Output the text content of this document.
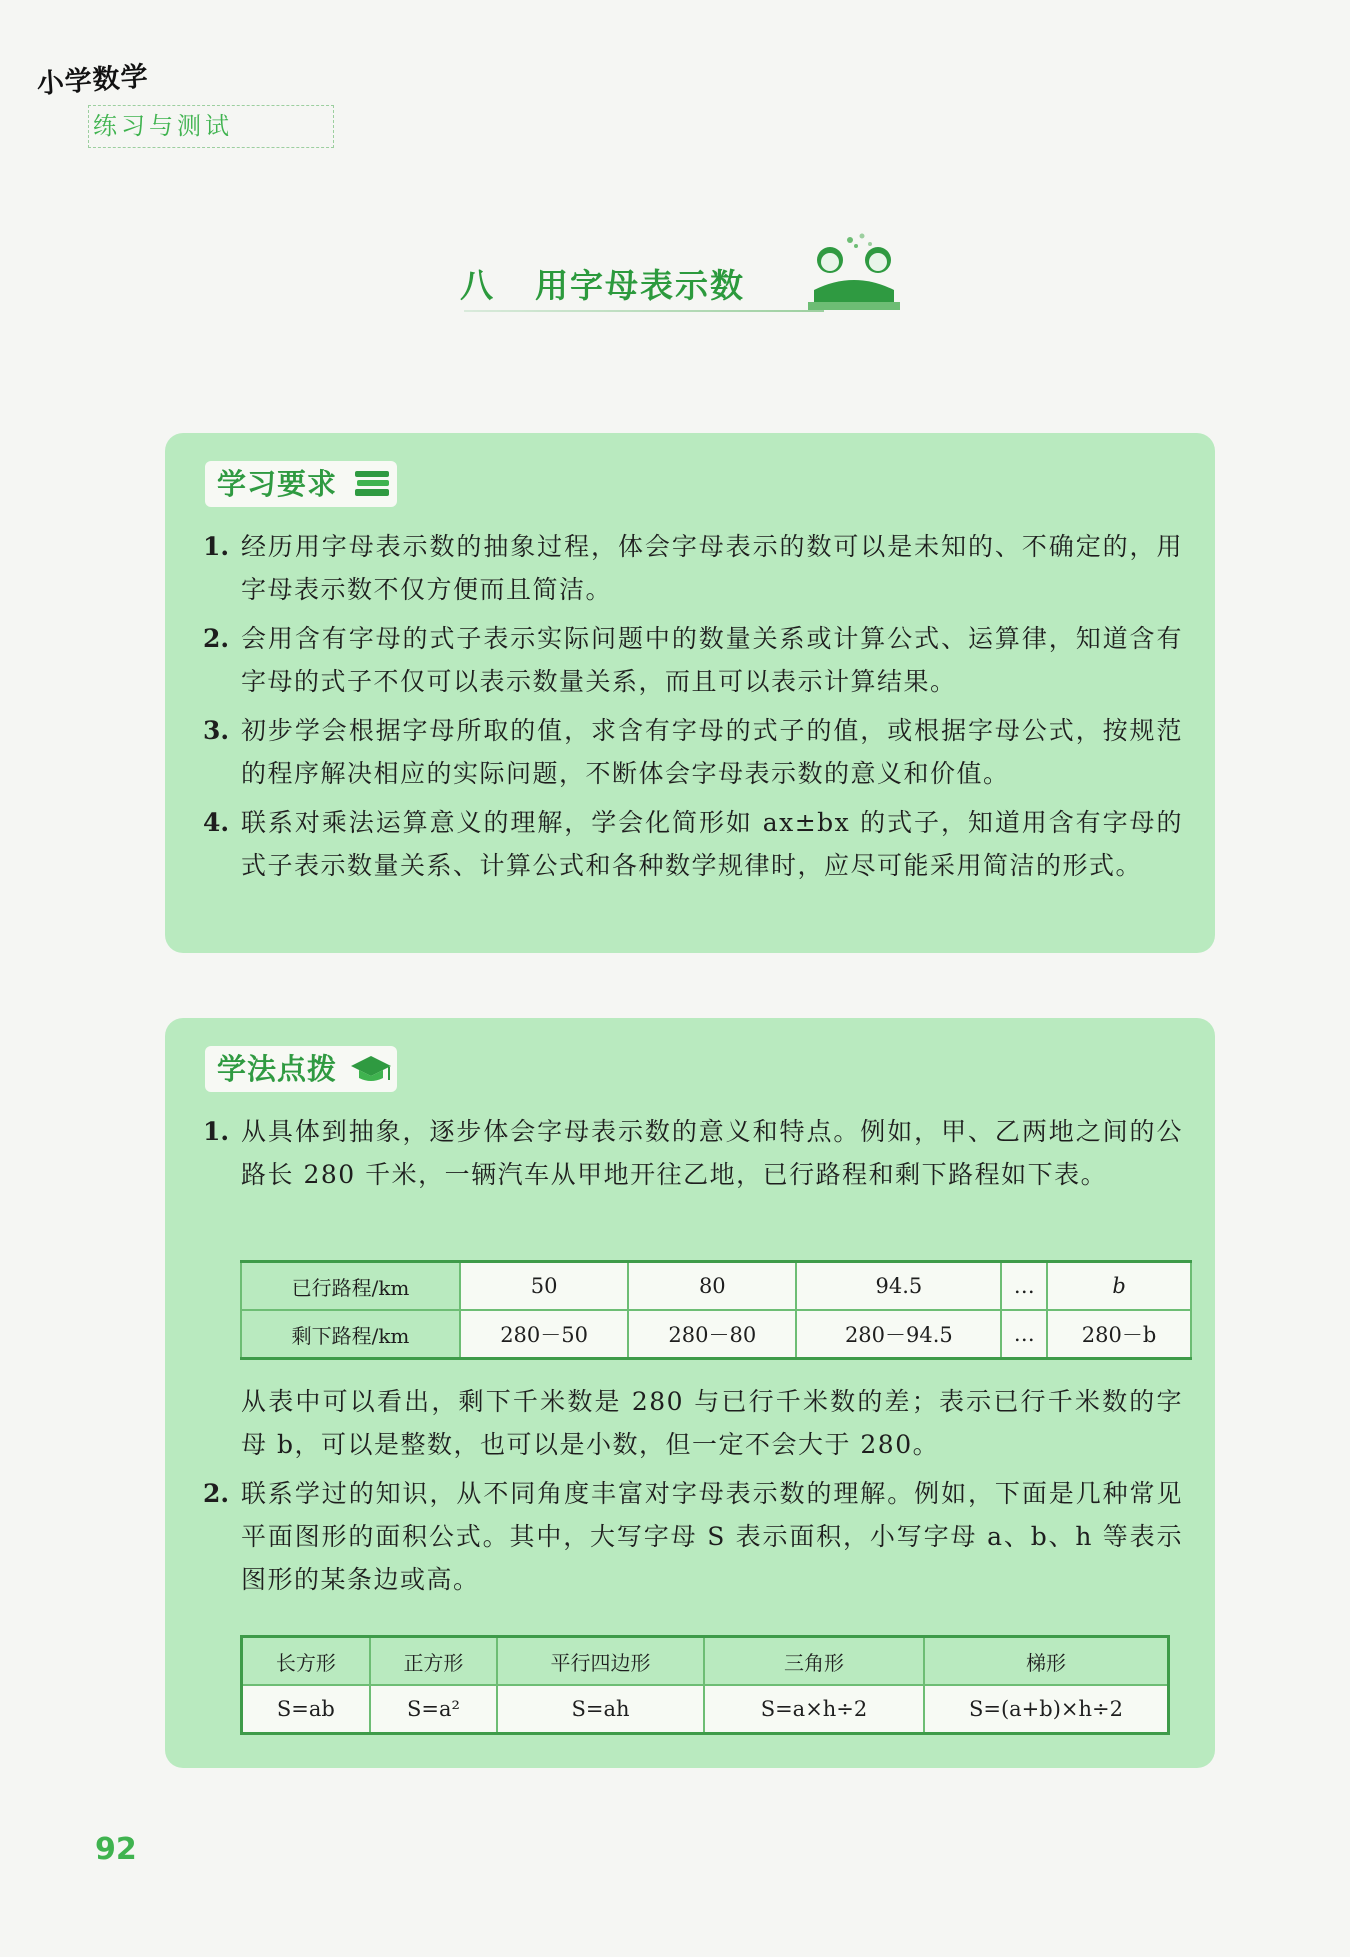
小学数学
练习与测试
八 用字母表示数
学习要求
1. 经历用字母表示数的抽象过程，体会字母表示的数可以是未知的、不确定的，用字母表示数不仅方便而且简洁。
2. 会用含有字母的式子表示实际问题中的数量关系或计算公式、运算律，知道含有字母的式子不仅可以表示数量关系，而且可以表示计算结果。
3. 初步学会根据字母所取的值，求含有字母的式子的值，或根据字母公式，按规范的程序解决相应的实际问题，不断体会字母表示数的意义和价值。
4. 联系对乘法运算意义的理解，学会化简形如 ax±bx 的式子，知道用含有字母的式子表示数量关系、计算公式和各种数学规律时，应尽可能采用简洁的形式。
学法点拨
1. 从具体到抽象，逐步体会字母表示数的意义和特点。例如，甲、乙两地之间的公路长 280 千米，一辆汽车从甲地开往乙地，已行路程和剩下路程如下表。
已行路程/km	50	80	94.5	…	b
剩下路程/km	280－50	280－80	280－94.5	…	280－b
从表中可以看出，剩下千米数是 280 与已行千米数的差；表示已行千米数的字母 b，可以是整数，也可以是小数，但一定不会大于 280。
2. 联系学过的知识，从不同角度丰富对字母表示数的理解。例如，下面是几种常见平面图形的面积公式。其中，大写字母 S 表示面积，小写字母 a、b、h 等表示图形的某条边或高。
长方形	正方形	平行四边形	三角形	梯形
S=ab	S=a²	S=ah	S=a×h÷2	S=(a+b)×h÷2
92
